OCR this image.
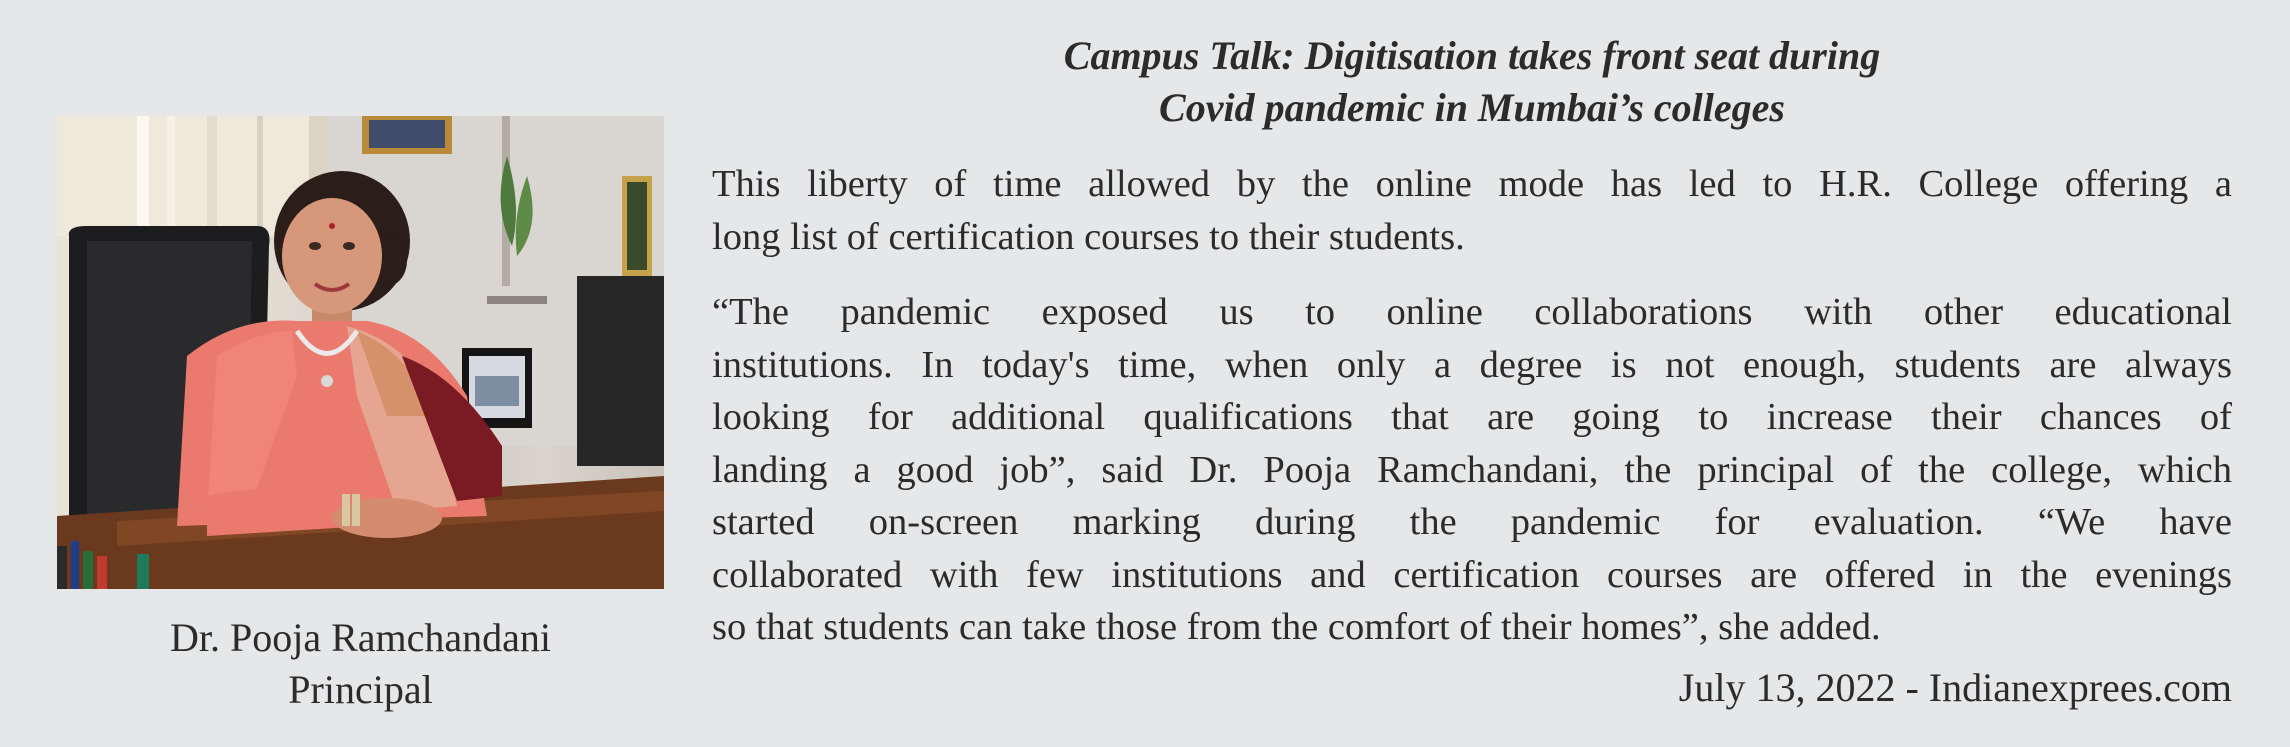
Dr. Pooja Ramchandani
Principal
Campus Talk: Digitisation takes front seat during
Covid pandemic in Mumbai’s colleges
This liberty of time allowed by the online mode has led to H.R. College offering a
long list of certification courses to their students.
“The pandemic exposed us to online collaborations with other educational
institutions. In today's time, when only a degree is not enough, students are always
looking for additional qualifications that are going to increase their chances of
landing a good job”, said Dr. Pooja Ramchandani, the principal of the college, which
started on-screen marking during the pandemic for evaluation. “We have
collaborated with few institutions and certification courses are offered in the evenings
so that students can take those from the comfort of their homes”, she added.
July 13, 2022 - Indianexprees.com
